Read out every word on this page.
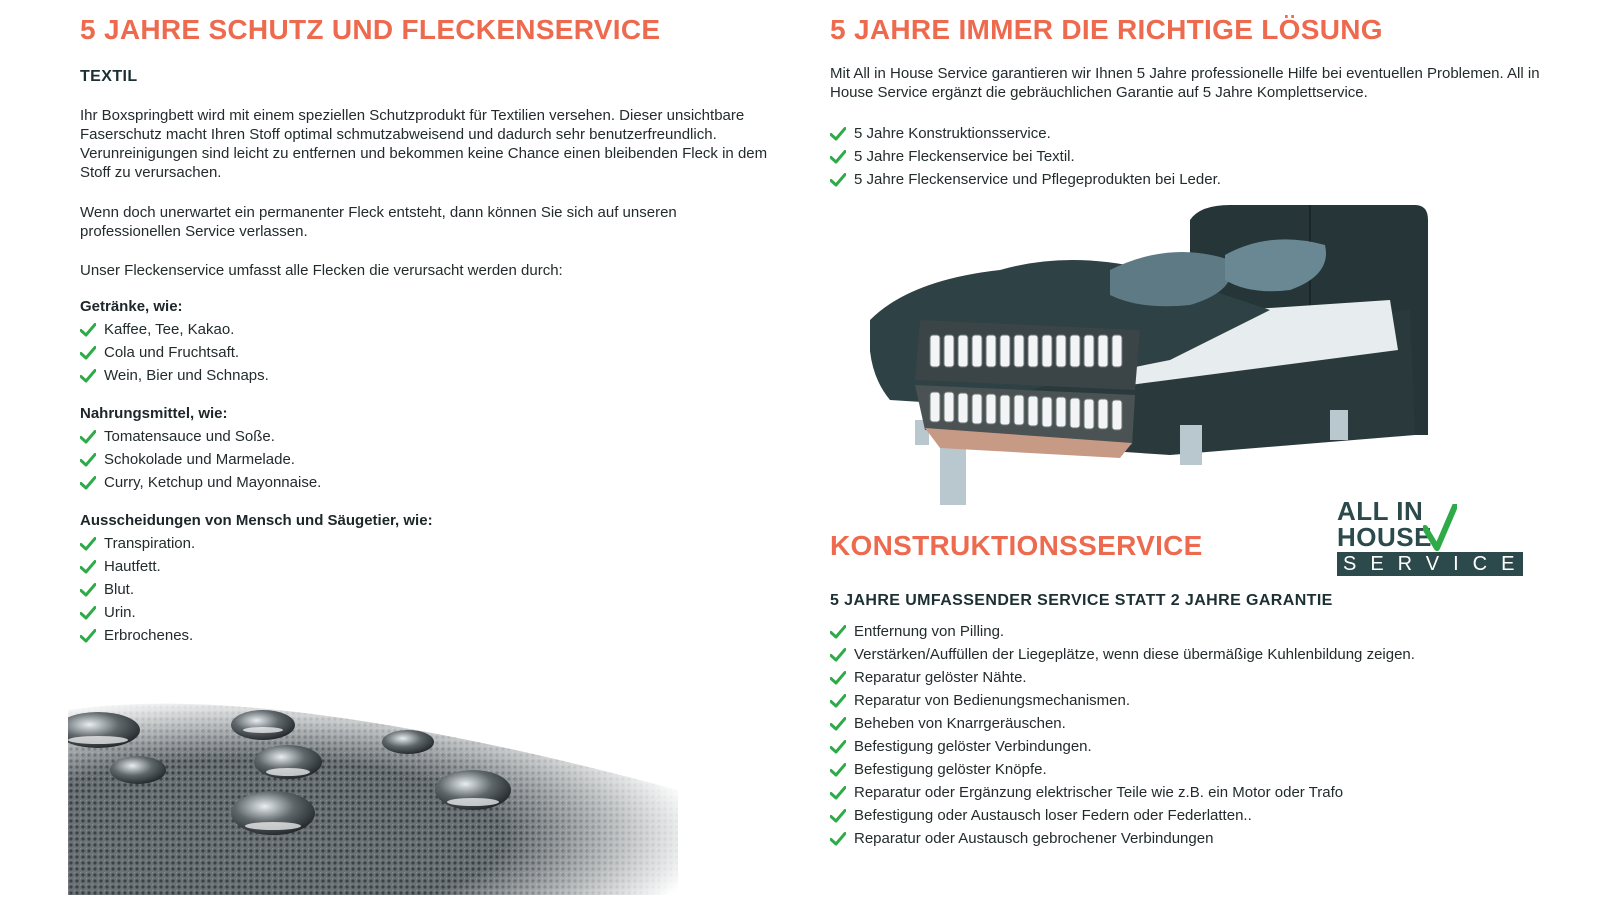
5 JAHRE SCHUTZ UND FLECKENSERVICE
TEXTIL

Ihr Boxspringbett wird mit einem speziellen Schutzprodukt für Textilien versehen. Dieser unsichtbare Faserschutz macht Ihren Stoff optimal schmutzabweisend und dadurch sehr benutzerfreundlich. Verunreinigungen sind leicht zu entfernen und bekommen keine Chance einen bleibenden Fleck in dem Stoff zu verursachen.

Wenn doch unerwartet ein permanenter Fleck entsteht, dann können Sie sich auf unseren professionellen Service verlassen.

Unser Fleckenservice umfasst alle Flecken die verursacht werden durch:

Getränke, wie:
Kaffee, Tee, Kakao.
Cola und Fruchtsaft.
Wein, Bier und Schnaps.
Nahrungsmittel, wie:
Tomatensauce und Soße.
Schokolade und Marmelade.
Curry, Ketchup und Mayonnaise.
Ausscheidungen von Mensch und Säugetier, wie:
Transpiration.
Hautfett.
Blut.
Urin.
Erbrochenes.
5 JAHRE IMMER DIE RICHTIGE LÖSUNG

Mit All in House Service garantieren wir Ihnen 5 Jahre professionelle Hilfe bei eventuellen Problemen. All in House Service ergänzt die gebräuchlichen Garantie auf 5 Jahre Komplettservice.

5 Jahre Konstruktionsservice.
5 Jahre Fleckenservice bei Textil.
5 Jahre Fleckenservice und Pflegeprodukten bei Leder.
KONSTRUKTIONSSERVICE
5 JAHRE UMFASSENDER SERVICE STATT 2 JAHRE GARANTIE
Entfernung von Pilling.
Verstärken/Auffüllen der Liegeplätze, wenn diese übermäßige Kuhlenbildung zeigen.
Reparatur gelöster Nähte.
Reparatur von Bedienungsmechanismen.
Beheben von Knarrgeräuschen.
Befestigung gelöster Verbindungen.
Befestigung gelöster Knöpfe.
Reparatur oder Ergänzung elektrischer Teile wie z.B. ein Motor oder Trafo
Befestigung oder Austausch loser Federn oder Federlatten..
Reparatur oder Austausch gebrochener Verbindungen
ALL IN HOUSE
SERVICE
